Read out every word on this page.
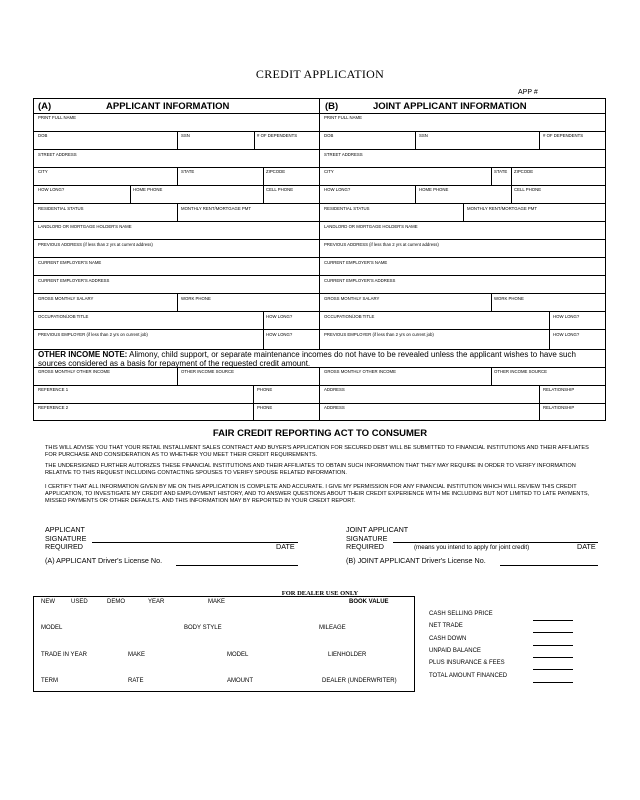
CREDIT APPLICATION
APP #
(A)	APPLICANT INFORMATION	(B)	JOINT APPLICANT INFORMATION
PRINT FULL NAME	PRINT FULL NAME
DOB	SSN	# OF DEPENDENTS	DOB	SSN	# OF DEPENDENTS
STREET ADDRESS	STREET ADDRESS
CITY	STATE	ZIPCODE	CITY	STATE ZIPCODE
HOW LONG?	HOME PHONE	CELL PHONE	HOW LONG?	HOME PHONE	CELL PHONE
RESIDENTIAL STATUS	MONTHLY RENT/MORTGAGE PMT	RESIDENTIAL STATUS	MONTHLY RENT/MORTGAGE PMT
LANDLORD OR MORTGAGE HOLDER'S NAME	LANDLORD OR MORTGAGE HOLDER'S NAME
PREVIOUS ADDRESS (if less than 2 yrs at current address)	PREVIOUS ADDRESS (if less than 2 yrs at current address)
CURRENT EMPLOYER'S NAME	CURRENT EMPLOYER'S NAME
CURRENT EMPLOYER'S ADDRESS	CURRENT EMPLOYER'S ADDRESS
GROSS MONTHLY SALARY	WORK PHONE	GROSS MONTHLY SALARY	WORK PHONE
OCCUPATION/JOB TITLE	HOW LONG?	OCCUPATION/JOB TITLE	HOW LONG?
PREVIOUS EMPLOYER (if less than 2 yrs on current job)	HOW LONG?	PREVIOUS EMPLOYER (if less than 2 yrs on current job)	HOW LONG?
GROSS MONTHLY OTHER INCOME	OTHER INCOME SOURCE	GROSS MONTHLY OTHER INCOME	OTHER INCOME SOURCE
REFERENCE 1	PHONE	ADDRESS	RELATIONSHIP
REFERENCE 2	PHONE	ADDRESS	RELATIONSHIP
OTHER INCOME NOTE: Alimony, child support, or separate maintenance incomes do not have to be revealed unless the applicant wishes to have such sources considered as a basis for repayment of the requested credit amount.
FAIR CREDIT REPORTING ACT TO CONSUMER
THIS WILL ADVISE YOU THAT YOUR RETAIL INSTALLMENT SALES CONTRACT AND BUYER'S APPLICATION FOR SECURED DEBT WILL BE SUBMITTED TO FINANCIAL INSTITUTIONS AND THEIR AFFILIATES FOR PURCHASE AND CONSIDERATION AS TO WHETHER YOU MEET THEIR CREDIT REQUIREMENTS.
THE UNDERSIGNED FURTHER AUTORIZES THESE FINANCIAL INSTITUTIONS AND THEIR AFFILIATES TO OBTAIN SUCH INFORMATION THAT THEY MAY REQUIRE IN ORDER TO VERIFY INFORMATION RELATIVE TO THIS REQUEST INCLUDING CONTACTING SPOUSES TO VERIFY SPOUSE RELATED INFORMATION.
I CERTIFY THAT ALL INFORMATION GIVEN BY ME ON THIS APPLICATION IS COMPLETE AND ACCURATE. I GIVE MY PERMISSION FOR ANY FINANCIAL INSTITUTION WHICH WILL REVIEW THIS CREDIT APPLICATION, TO INVESTIGATE MY CREDIT AND EMPLOYMENT HISTORY, AND TO ANSWER QUESTIONS ABOUT THEIR CREDIT EXPERIENCE WITH ME INCLUDING BUT NOT LIMITED TO LATE PAYMENTS, MISSED PAYMENTS OR OTHER DEFAULTS. AND THIS INFORMATION MAY BY REPORTED IN YOUR CREDIT REPORT.
APPLICANT
SIGNATURE
REQUIRED	DATE
JOINT APPLICANT
SIGNATURE
REQUIRED	(means you intend to apply for joint credit)	DATE
(A) APPLICANT Driver's License No.	(B) JOINT APPLICANT Driver's License No.
FOR DEALER USE ONLY
NEW	USED	DEMO	YEAR	MAKE	BOOK VALUE
MODEL	BODY STYLE	MILEAGE
TRADE IN YEAR	MAKE	MODEL	LIENHOLDER
TERM	RATE	AMOUNT	DEALER (UNDERWRITER)
CASH SELLING PRICE
NET TRADE
CASH DOWN
UNPAID BALANCE
PLUS INSURANCE & FEES
TOTAL AMOUNT FINANCED
